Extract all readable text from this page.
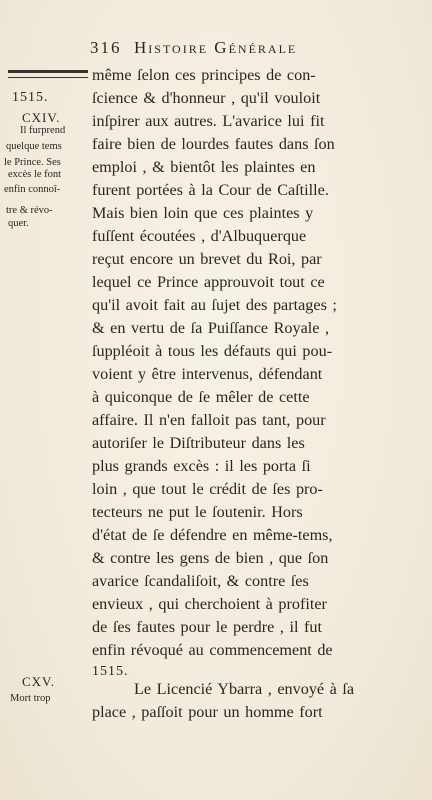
316 Histoire Générale
1515.
CXIV.
Il furprend
quelque tems
le Prince. Ses
excès le font
enfin connoî-
tre & révo-
quer.
CXV.
Mort trop
même ſelon ces principes de con-
ſcience & d'honneur , qu'il vouloit
inſpirer aux autres. L'avarice lui fit
faire bien de lourdes fautes dans ſon
emploi , & bientôt les plaintes en
furent portées à la Cour de Caſtille.
Mais bien loin que ces plaintes y
fuſſent écoutées , d'Albuquerque
reçut encore un brevet du Roi, par
lequel ce Prince approuvoit tout ce
qu'il avoit fait au ſujet des partages ;
& en vertu de ſa Puiſſance Royale ,
ſuppléoit à tous les défauts qui pou-
voient y être intervenus, défendant
à quiconque de ſe mêler de cette
affaire. Il n'en falloit pas tant, pour
autoriſer le Diſtributeur dans les
plus grands excès : il les porta ſi
loin , que tout le crédit de ſes pro-
tecteurs ne put le ſoutenir. Hors
d'état de ſe défendre en même-tems,
& contre les gens de bien , que ſon
avarice ſcandaliſoit, & contre ſes
envieux , qui cherchoient à profiter
de ſes fautes pour le perdre , il fut
enfin révoqué au commencement de
1515.
Le Licencié Ybarra , envoyé à ſa
place , paſſoit pour un homme fort
